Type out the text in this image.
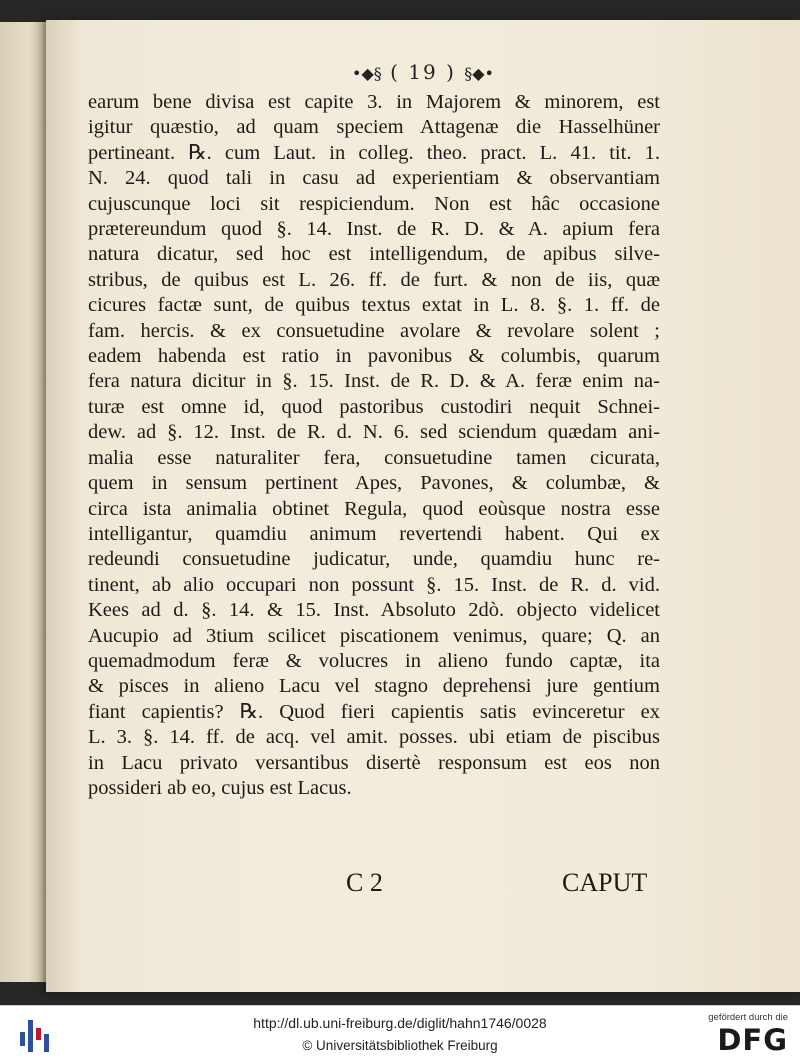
•◆§ ( 19 ) §◆•
earum bene divisa est capite 3. in Majorem & minorem, est
igitur quæstio, ad quam speciem Attagenæ die Hasselhüner
pertineant. ℞. cum Laut. in colleg. theo. pract. L. 41. tit. 1.
N. 24. quod tali in casu ad experientiam & observantiam
cujuscunque loci sit respiciendum. Non est hâc occasione
prætereundum quod §. 14. Inst. de R. D. & A. apium fera
natura dicatur, sed hoc est intelligendum, de apibus silve-
stribus, de quibus est L. 26. ff. de furt. & non de iis, quæ
cicures factæ sunt, de quibus textus extat in L. 8. §. 1. ff. de
fam. hercis. & ex consuetudine avolare & revolare solent ;
eadem habenda est ratio in pavonibus & columbis, quarum
fera natura dicitur in §. 15. Inst. de R. D. & A. feræ enim na-
turæ est omne id, quod pastoribus custodiri nequit Schnei-
dew. ad §. 12. Inst. de R. d. N. 6. sed sciendum quædam ani-
malia esse naturaliter fera, consuetudine tamen cicurata,
quem in sensum pertinent Apes, Pavones, & columbæ, &
circa ista animalia obtinet Regula, quod eoùsque nostra esse
intelligantur, quamdiu animum revertendi habent. Qui ex
redeundi consuetudine judicatur, unde, quamdiu hunc re-
tinent, ab alio occupari non possunt §. 15. Inst. de R. d. vid.
Kees ad d. §. 14. & 15. Inst. Absoluto 2dò. objecto videlicet
Aucupio ad 3tium scilicet piscationem venimus, quare; Q. an
quemadmodum feræ & volucres in alieno fundo captæ, ita
& pisces in alieno Lacu vel stagno deprehensi jure gentium
fiant capientis? ℞. Quod fieri capientis satis evinceretur ex
L. 3. §. 14. ff. de acq. vel amit. posses. ubi etiam de piscibus
in Lacu privato versantibus disertè responsum est eos non
possideri ab eo, cujus est Lacus.
C 2	CAPUT
http://dl.ub.uni-freiburg.de/diglit/hahn1746/0028
© Universitätsbibliothek Freiburg
gefördert durch die
DFG
